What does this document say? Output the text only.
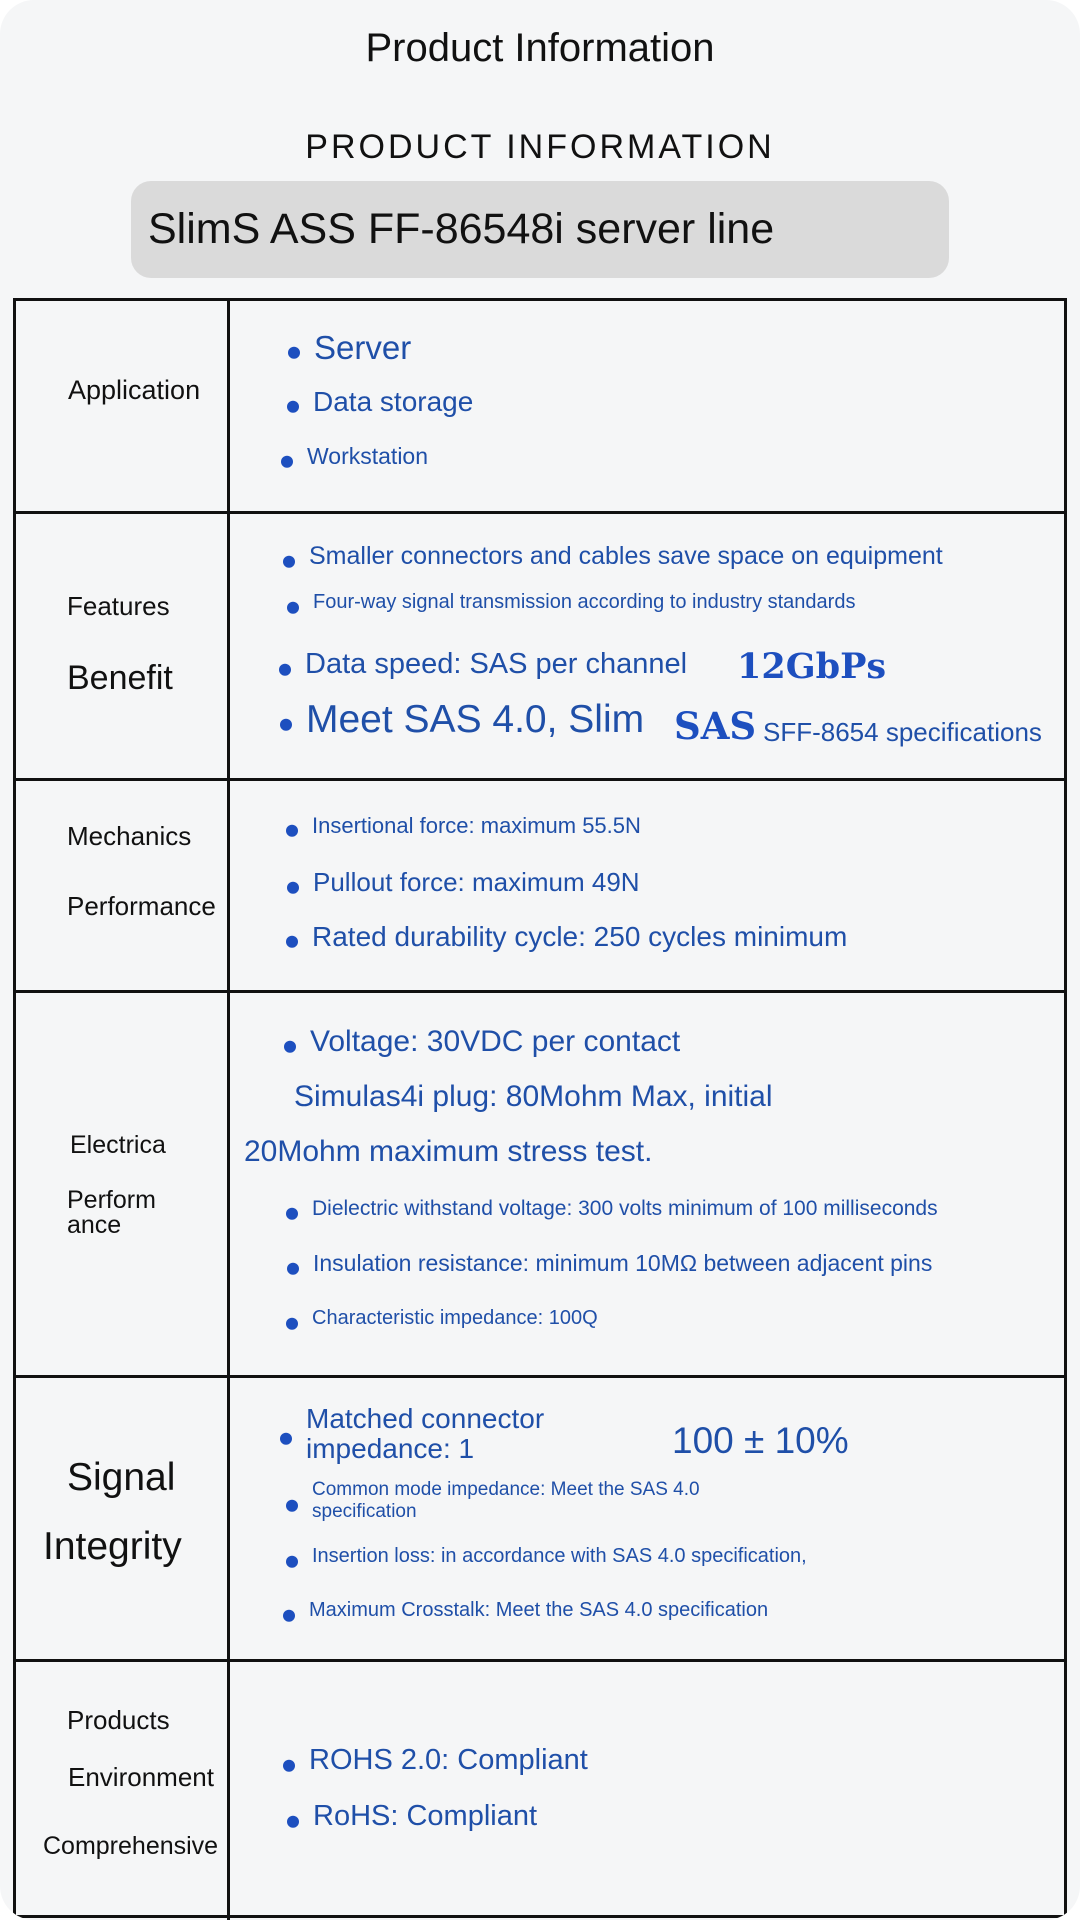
Product Information
PRODUCT INFORMATION
SlimS ASS FF-86548i server line
Application
Server
Data storage
Workstation
Features
Benefit
Smaller connectors and cables save space on equipment
Four-way signal transmission according to industry standards
Data speed: SAS per channel 12GbPs
Meet SAS 4.0, Slim SAS SFF-8654 specifications
Mechanics
Performance
Insertional force: maximum 55.5N
Pullout force: maximum 49N
Rated durability cycle: 250 cycles minimum
Electrica
Perform
ance
Voltage: 30VDC per contact
Simulas4i plug: 80Mohm Max, initial
20Mohm maximum stress test.
Dielectric withstand voltage: 300 volts minimum of 100 milliseconds
Insulation resistance: minimum 10MΩ between adjacent pins
Characteristic impedance: 100Q
Signal
Integrity
Matched connector
impedance: 1	100 ± 10%
Common mode impedance: Meet the SAS 4.0
specification
Insertion loss: in accordance with SAS 4.0 specification,
Maximum Crosstalk: Meet the SAS 4.0 specification
Products
Environment
Comprehensive
ROHS 2.0: Compliant
RoHS: Compliant
